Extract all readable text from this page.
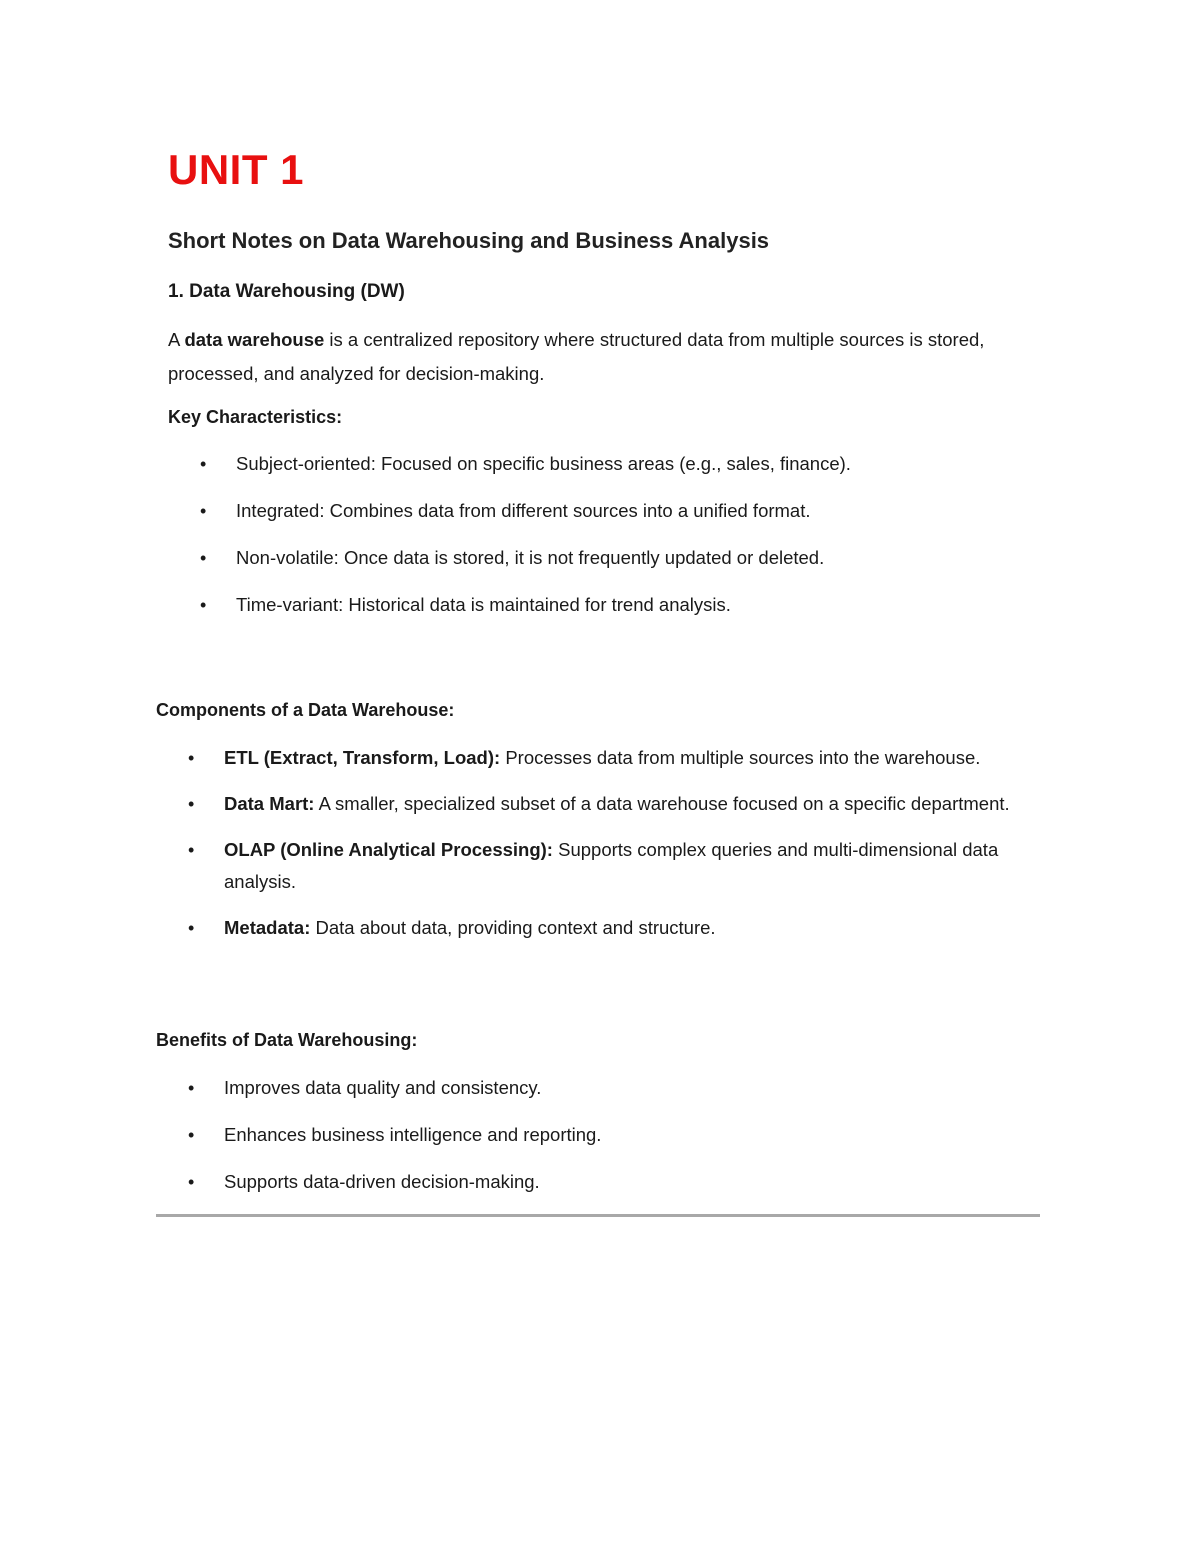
UNIT 1
Short Notes on Data Warehousing and Business Analysis
1. Data Warehousing (DW)

A data warehouse is a centralized repository where structured data from multiple sources is stored, processed, and analyzed for decision-making.

Key Characteristics:

• Subject-oriented: Focused on specific business areas (e.g., sales, finance).
• Integrated: Combines data from different sources into a unified format.
• Non-volatile: Once data is stored, it is not frequently updated or deleted.
• Time-variant: Historical data is maintained for trend analysis.

Components of a Data Warehouse:

• ETL (Extract, Transform, Load): Processes data from multiple sources into the warehouse.
• Data Mart: A smaller, specialized subset of a data warehouse focused on a specific department.
• OLAP (Online Analytical Processing): Supports complex queries and multi-dimensional data analysis.
• Metadata: Data about data, providing context and structure.

Benefits of Data Warehousing:

• Improves data quality and consistency.
• Enhances business intelligence and reporting.
• Supports data-driven decision-making.
